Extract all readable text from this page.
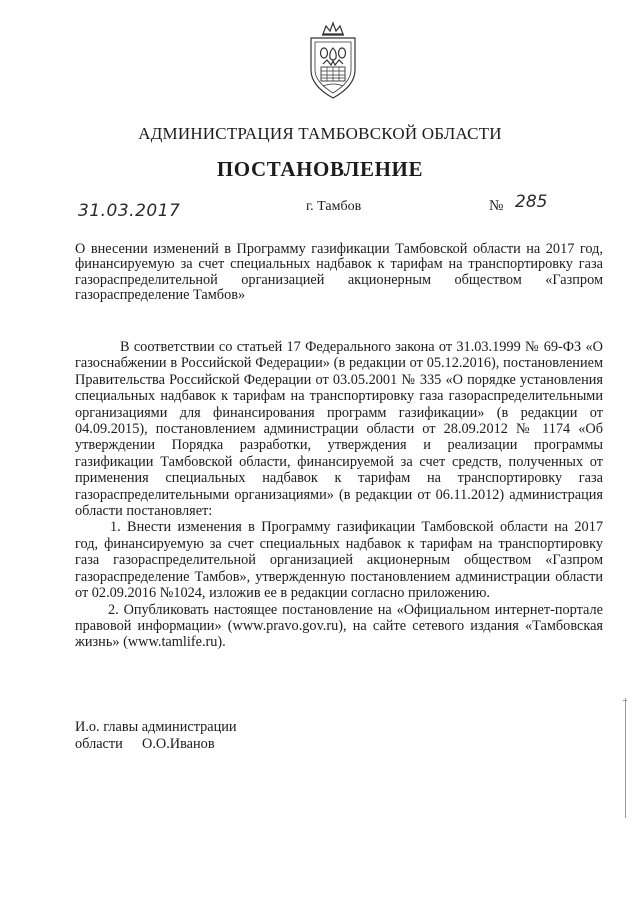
АДМИНИСТРАЦИЯ ТАМБОВСКОЙ ОБЛАСТИ
ПОСТАНОВЛЕНИЕ
31.03.2017	г. Тамбов	№ 285
О внесении изменений в Программу газификации Тамбовской области на 2017 год, финансируемую за счет специальных надбавок к тарифам на транспортировку газа газораспределительной организацией акционерным обществом «Газпром газораспределение Тамбов»

В соответствии со статьей 17 Федерального закона от 31.03.1999 № 69-ФЗ «О газоснабжении в Российской Федерации» (в редакции от 05.12.2016), постановлением Правительства Российской Федерации от 03.05.2001 № 335 «О порядке установления специальных надбавок к тарифам на транспортировку газа газораспределительными организациями для финансирования программ газификации» (в редакции от 04.09.2015), постановлением администрации области от 28.09.2012 № 1174 «Об утверждении Порядка разработки, утверждения и реализации программы газификации Тамбовской области, финансируемой за счет средств, полученных от применения специальных надбавок к тарифам на транспортировку газа газораспределительными организациями» (в редакции от 06.11.2012) администрация области постановляет:

1. Внести изменения в Программу газификации Тамбовской области на 2017 год, финансируемую за счет специальных надбавок к тарифам на транспортировку газа газораспределительной организацией акционерным обществом «Газпром газораспределение Тамбов», утвержденную постановлением администрации области от 02.09.2016 №1024, изложив ее в редакции согласно приложению.

2. Опубликовать настоящее постановление на «Официальном интернет-портале правовой информации» (www.pravo.gov.ru), на сайте сетевого издания «Тамбовская жизнь» (www.tamlife.ru).

И.о. главы администрации
области	О.О.Иванов
